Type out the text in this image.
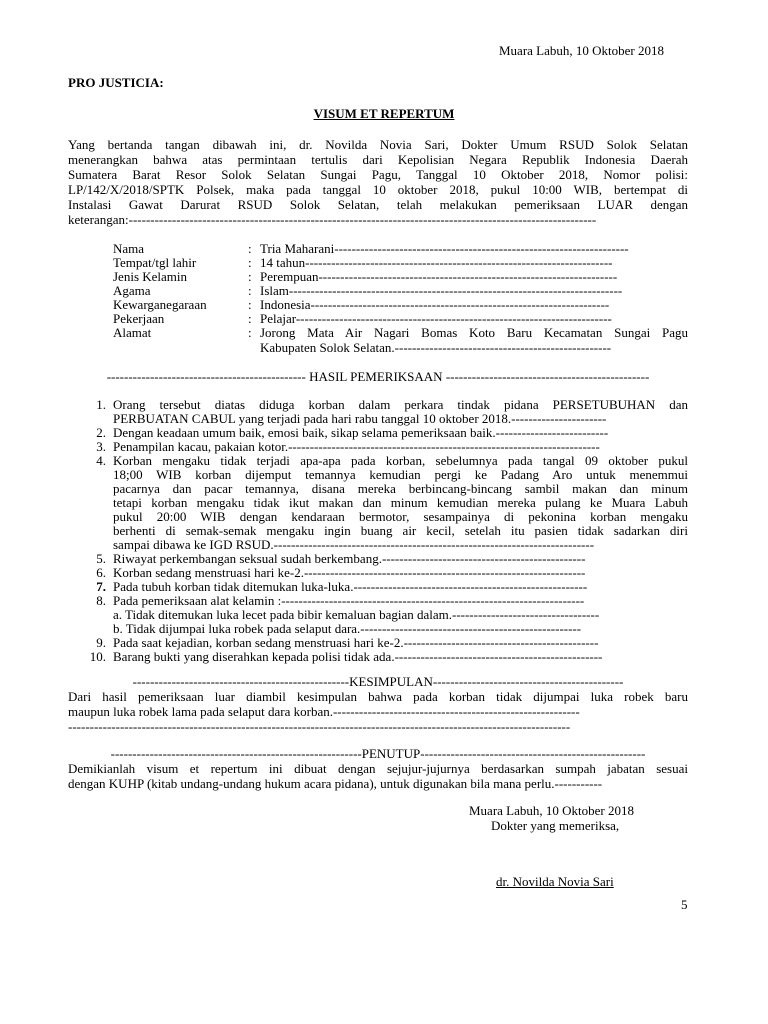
Muara Labuh, 10 Oktober 2018
PRO JUSTICIA:
VISUM ET REPERTUM
Yang bertanda tangan dibawah ini, dr. Novilda Novia Sari, Dokter Umum RSUD Solok Selatan
menerangkan bahwa atas permintaan tertulis dari Kepolisian Negara Republik Indonesia Daerah
Sumatera Barat Resor Solok Selatan Sungai Pagu, Tanggal 10 Oktober 2018, Nomor polisi:
LP/142/X/2018/SPTK Polsek, maka pada tanggal 10 oktober 2018, pukul 10:00 WIB, bertempat di
Instalasi Gawat Darurat RSUD Solok Selatan, telah melakukan pemeriksaan LUAR dengan
keterangan:------------------------------------------------------------------------------------------------------------
Nama	: Tria Maharani--------------------------------------------------------------------
Tempat/tgl lahir	: 14 tahun-----------------------------------------------------------------------
Jenis Kelamin	: Perempuan---------------------------------------------------------------------
Agama	: Islam-----------------------------------------------------------------------------
Kewarganegaraan	: Indonesia---------------------------------------------------------------------
Pekerjaan	: Pelajar-------------------------------------------------------------------------
Alamat	: Jorong Mata Air Nagari Bomas Koto Baru Kecamatan Sungai Pagu
Kabupaten Solok Selatan.--------------------------------------------------
---------------------------------------------- HASIL PEMERIKSAAN -----------------------------------------------
1. Orang tersebut diatas diduga korban dalam perkara tindak pidana PERSETUBUHAN dan
PERBUATAN CABUL yang terjadi pada hari rabu tanggal 10 oktober 2018.----------------------
2. Dengan keadaan umum baik, emosi baik, sikap selama pemeriksaan baik.--------------------------
3. Penampilan kacau, pakaian kotor.------------------------------------------------------------------------
4. Korban mengaku tidak terjadi apa-apa pada korban, sebelumnya pada tangal 09 oktober pukul
18;00 WIB korban dijemput temannya kemudian pergi ke Padang Aro untuk menemmui
pacarnya dan pacar temannya, disana mereka berbincang-bincang sambil makan dan minum
tetapi korban mengaku tidak ikut makan dan minum kemudian mereka pulang ke Muara Labuh
pukul 20:00 WIB dengan kendaraan bermotor, sesampainya di pekonina korban mengaku
berhenti di semak-semak mengaku ingin buang air kecil, setelah itu pasien tidak sadarkan diri
sampai dibawa ke IGD RSUD.--------------------------------------------------------------------------
5. Riwayat perkembangan seksual sudah berkembang.-----------------------------------------------
6. Korban sedang menstruasi hari ke-2.-----------------------------------------------------------------
7. Pada tubuh korban tidak ditemukan luka-luka.------------------------------------------------------
8. Pada pemeriksaan alat kelamin :----------------------------------------------------------------------
a. Tidak ditemukan luka lecet pada bibir kemaluan bagian dalam.----------------------------------
b. Tidak dijumpai luka robek pada selaput dara.---------------------------------------------------
9. Pada saat kejadian, korban sedang menstruasi hari ke-2.---------------------------------------------
10. Barang bukti yang diserahkan kepada polisi tidak ada.------------------------------------------------
--------------------------------------------------KESIMPULAN--------------------------------------------
Dari hasil pemeriksaan luar diambil kesimpulan bahwa pada korban tidak dijumpai luka robek baru
maupun luka robek lama pada selaput dara korban.---------------------------------------------------------
--------------------------------------------------------------------------------------------------------------------
----------------------------------------------------------PENUTUP----------------------------------------------------
Demikianlah visum et repertum ini dibuat dengan sejujur-jujurnya berdasarkan sumpah jabatan sesuai
dengan KUHP (kitab undang-undang hukum acara pidana), untuk digunakan bila mana perlu.-----------
Muara Labuh, 10 Oktober 2018
Dokter yang memeriksa,
dr. Novilda Novia Sari
5
